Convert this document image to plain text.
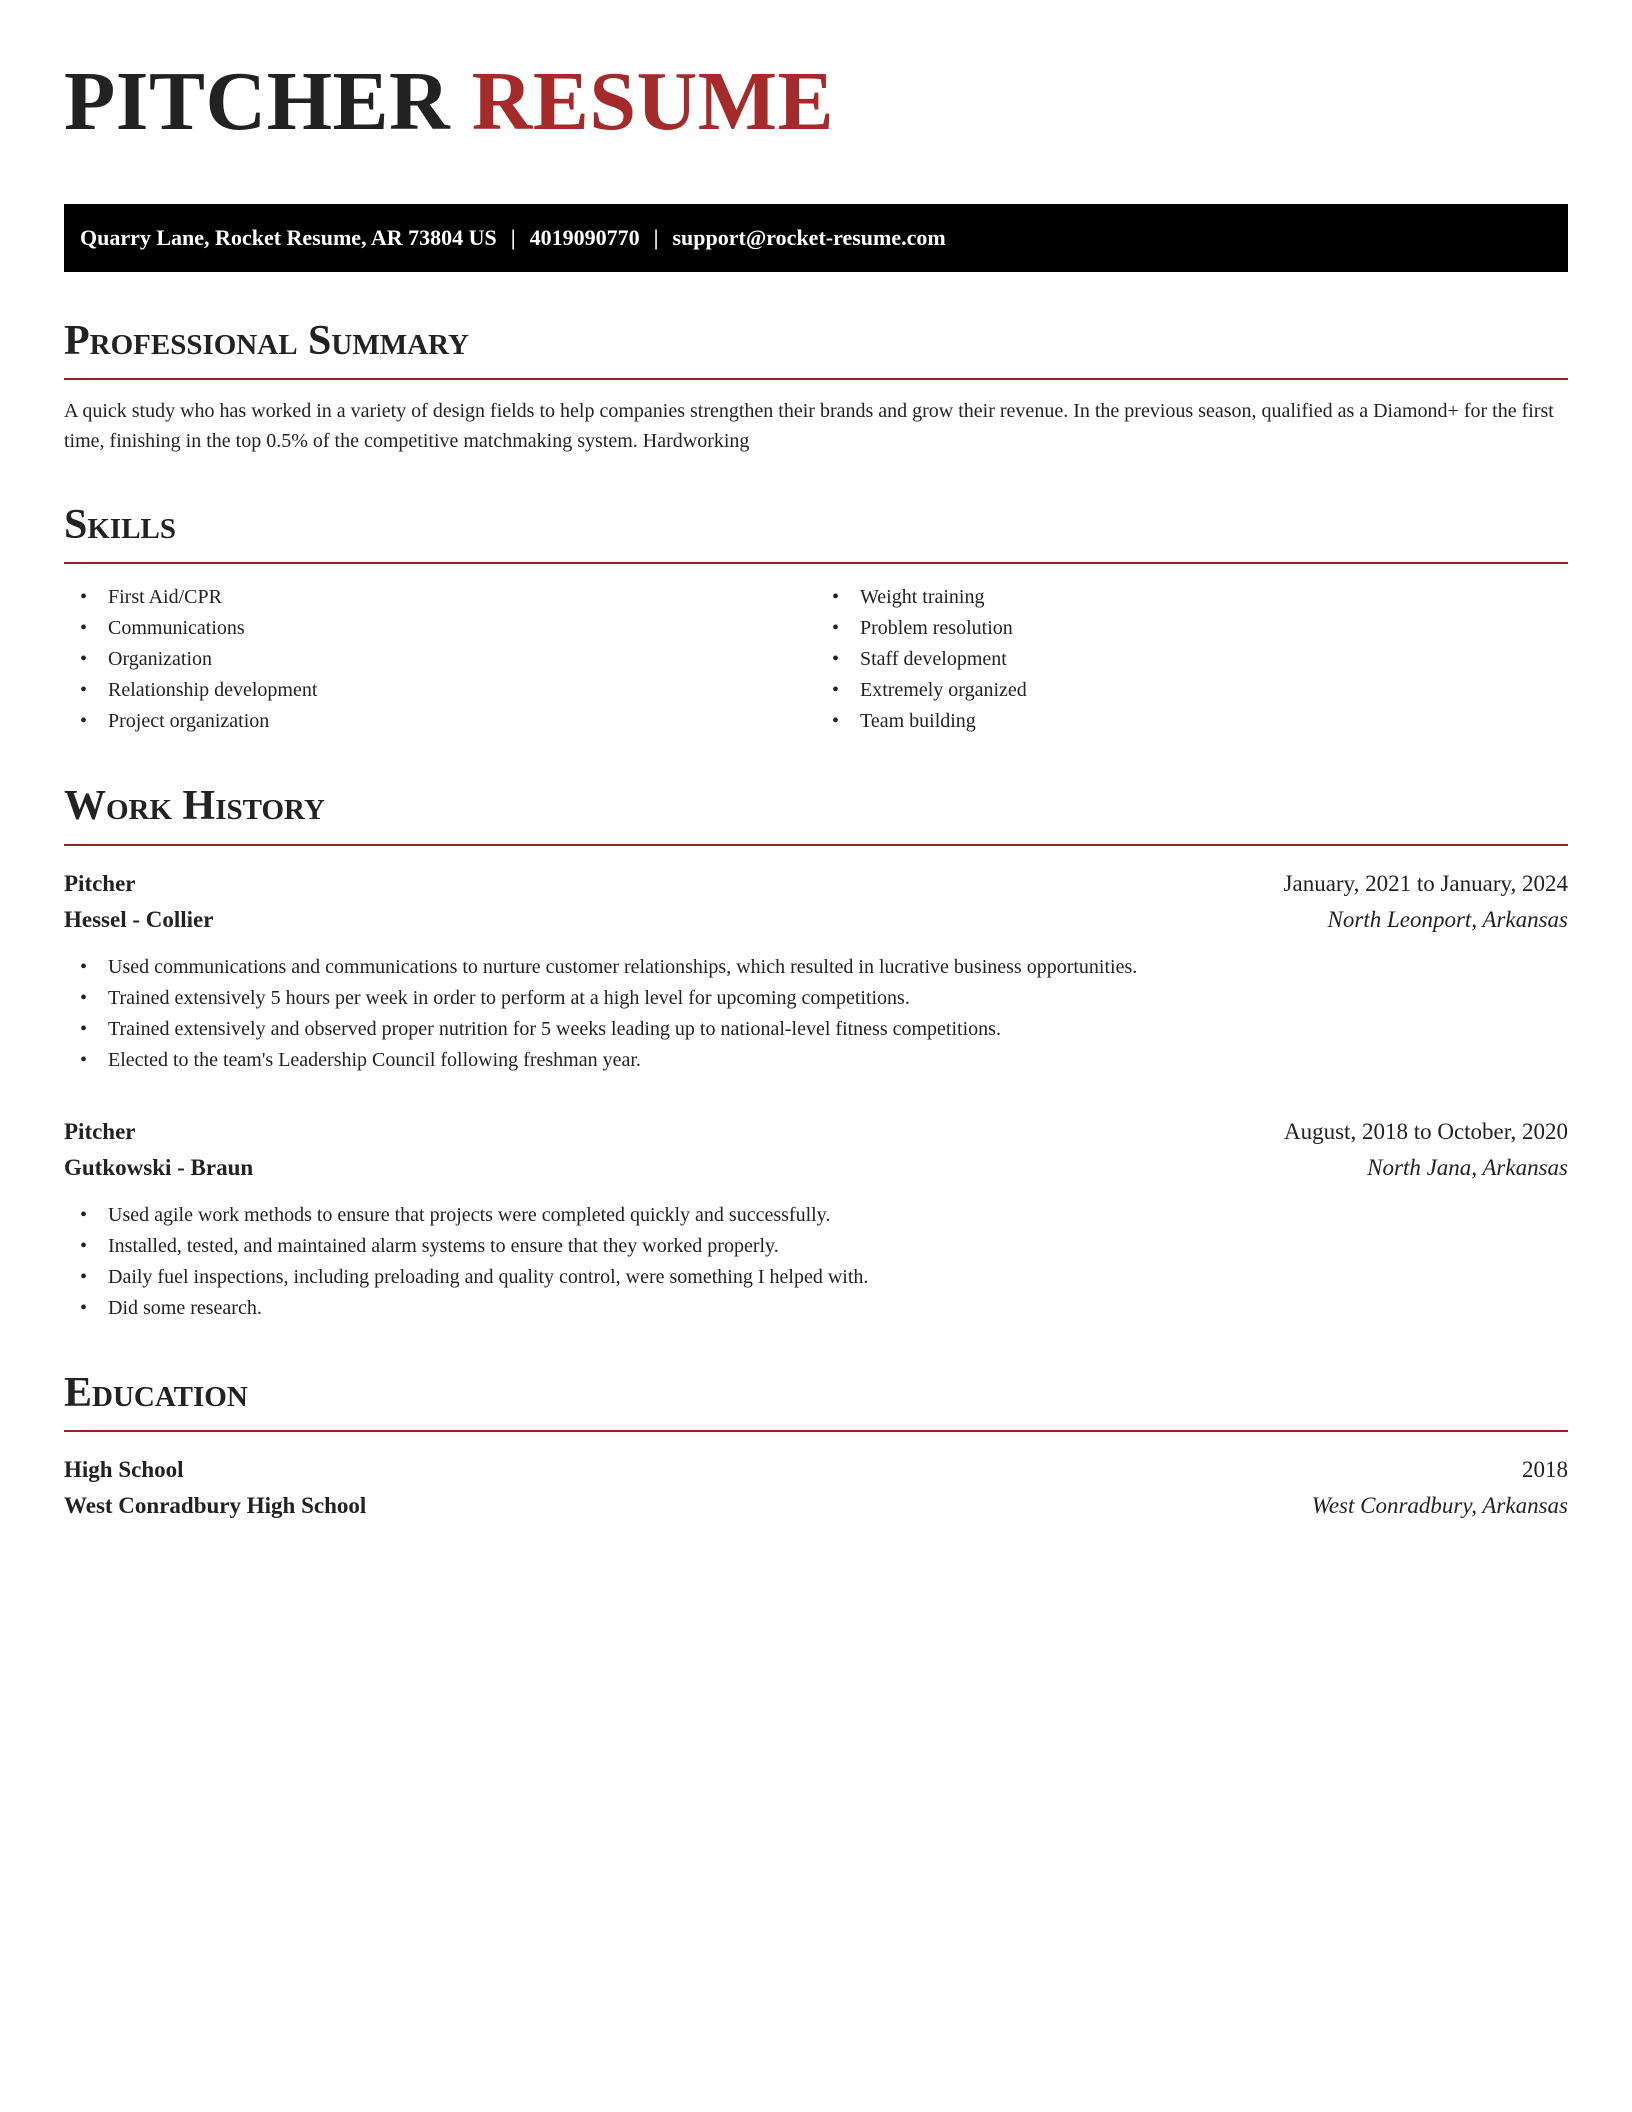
PITCHER RESUME
Quarry Lane, Rocket Resume, AR 73804 US | 4019090770 | support@rocket-resume.com
Professional Summary

A quick study who has worked in a variety of design fields to help companies strengthen their brands and grow their revenue. In the previous season, qualified as a Diamond+ for the first time, finishing in the top 0.5% of the competitive matchmaking system. Hardworking

Skills
• First Aid/CPR
• Communications
• Organization
• Relationship development
• Project organization
• Weight training
• Problem resolution
• Staff development
• Extremely organized
• Team building
Work History
Pitcher	January, 2021 to January, 2024
Hessel - Collier	North Leonport, Arkansas
• Used communications and communications to nurture customer relationships, which resulted in lucrative business opportunities.
• Trained extensively 5 hours per week in order to perform at a high level for upcoming competitions.
• Trained extensively and observed proper nutrition for 5 weeks leading up to national-level fitness competitions.
• Elected to the team's Leadership Council following freshman year.
Pitcher	August, 2018 to October, 2020
Gutkowski - Braun	North Jana, Arkansas
• Used agile work methods to ensure that projects were completed quickly and successfully.
• Installed, tested, and maintained alarm systems to ensure that they worked properly.
• Daily fuel inspections, including preloading and quality control, were something I helped with.
• Did some research.
Education
High School	2018
West Conradbury High School	West Conradbury, Arkansas
